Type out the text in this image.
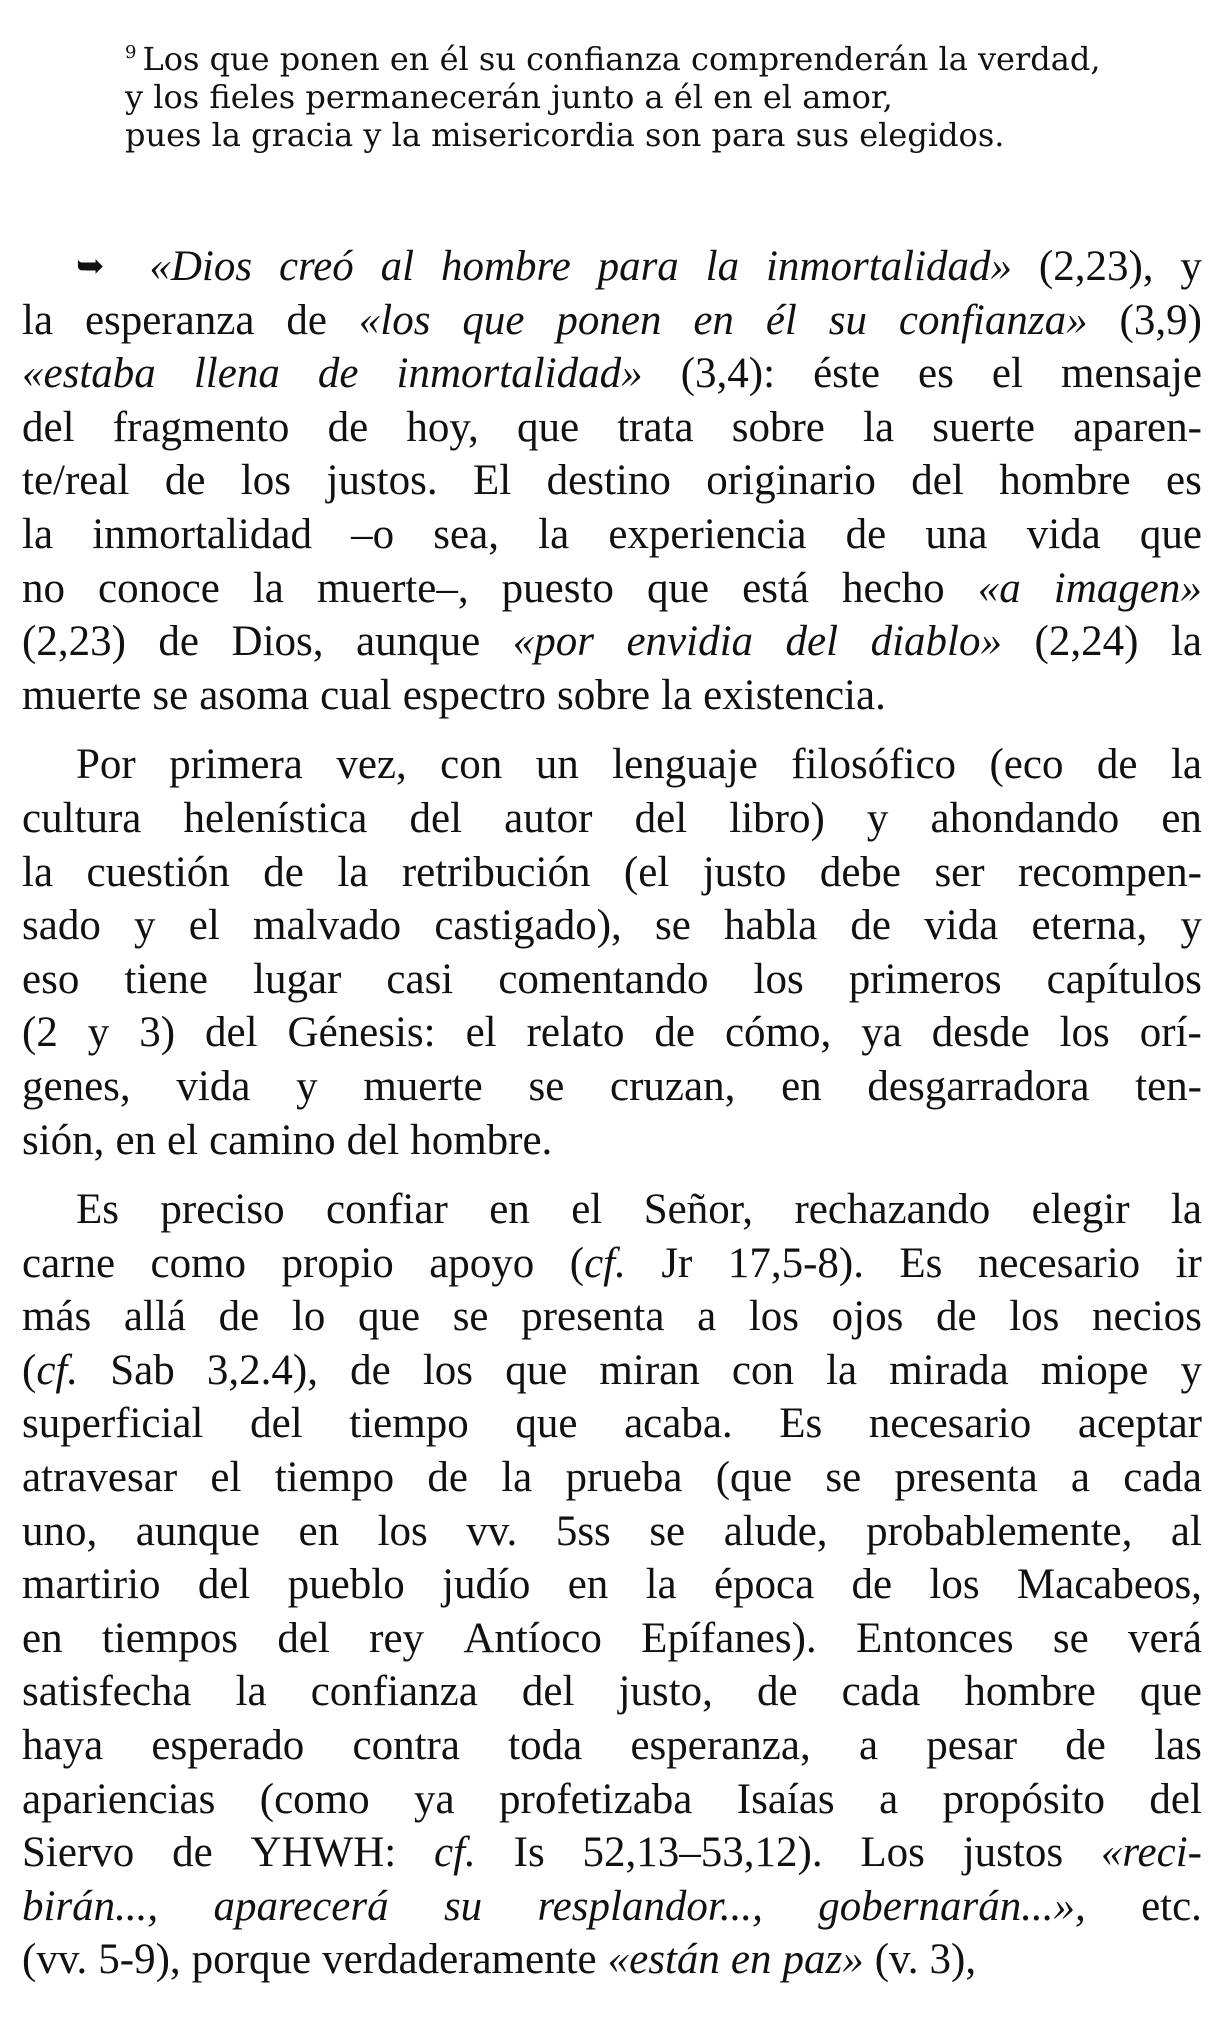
$^9$ Los que ponen en él su confianza comprenderán la verdad,
y los fieles permanecerán junto a él en el amor,
pues la gracia y la misericordia son para sus elegidos.
➥ «Dios creó al hombre para la inmortalidad» (2,23), y
la esperanza de «los que ponen en él su confianza» (3,9)
«estaba llena de inmortalidad» (3,4): éste es el mensaje
del fragmento de hoy, que trata sobre la suerte aparen-
te/real de los justos. El destino originario del hombre es
la inmortalidad –o sea, la experiencia de una vida que
no conoce la muerte–, puesto que está hecho «a imagen»
(2,23) de Dios, aunque «por envidia del diablo» (2,24) la
muerte se asoma cual espectro sobre la existencia.
Por primera vez, con un lenguaje filosófico (eco de la
cultura helenística del autor del libro) y ahondando en
la cuestión de la retribución (el justo debe ser recompen-
sado y el malvado castigado), se habla de vida eterna, y
eso tiene lugar casi comentando los primeros capítulos
(2 y 3) del Génesis: el relato de cómo, ya desde los orí-
genes, vida y muerte se cruzan, en desgarradora ten-
sión, en el camino del hombre.
Es preciso confiar en el Señor, rechazando elegir la
carne como propio apoyo (cf. Jr 17,5-8). Es necesario ir
más allá de lo que se presenta a los ojos de los necios
(cf. Sab 3,2.4), de los que miran con la mirada miope y
superficial del tiempo que acaba. Es necesario aceptar
atravesar el tiempo de la prueba (que se presenta a cada
uno, aunque en los vv. 5ss se alude, probablemente, al
martirio del pueblo judío en la época de los Macabeos,
en tiempos del rey Antíoco Epífanes). Entonces se verá
satisfecha la confianza del justo, de cada hombre que
haya esperado contra toda esperanza, a pesar de las
apariencias (como ya profetizaba Isaías a propósito del
Siervo de YHWH: cf. Is 52,13–53,12). Los justos «reci-
birán..., aparecerá su resplandor..., gobernarán...», etc.
(vv. 5-9), porque verdaderamente «están en paz» (v. 3),
